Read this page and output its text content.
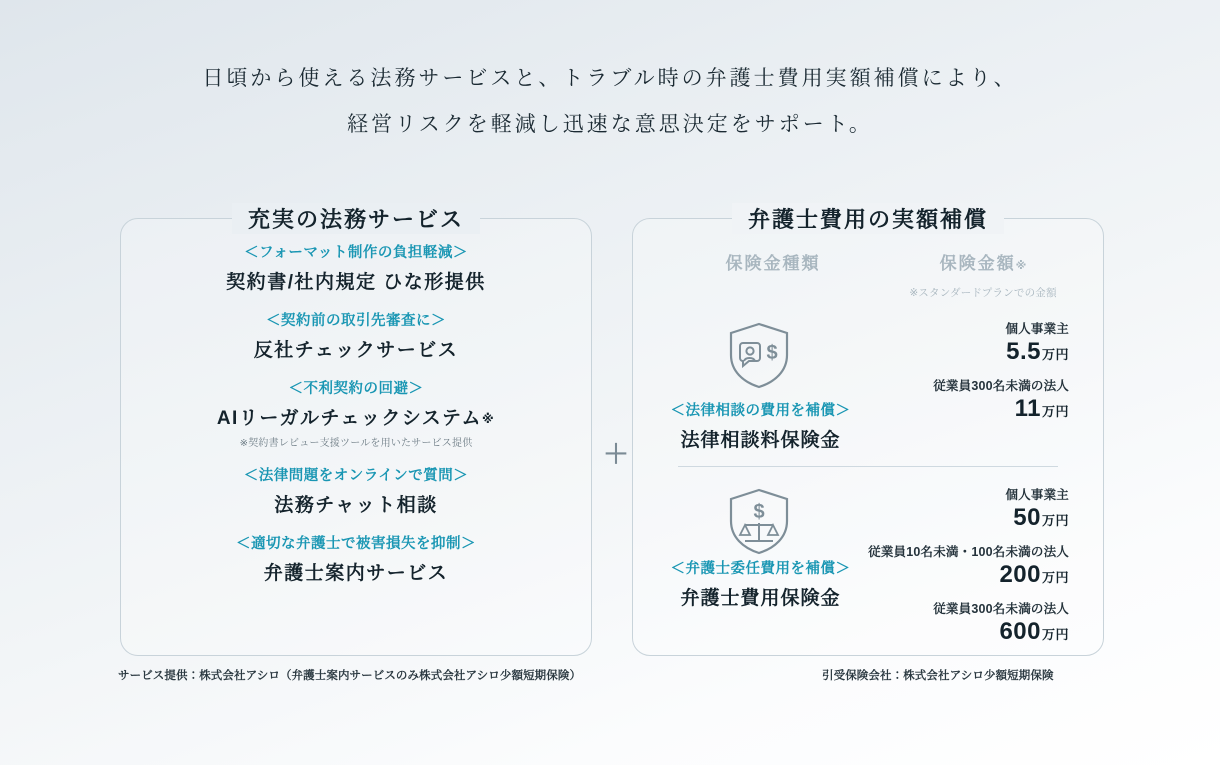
日頃から使える法務サービスと、トラブル時の弁護士費用実額補償により、
経営リスクを軽減し迅速な意思決定をサポート。
充実の法務サービス
＜フォーマット制作の負担軽減＞
契約書/社内規定 ひな形提供
＜契約前の取引先審査に＞
反社チェックサービス
＜不利契約の回避＞
AIリーガルチェックシステム※
※契約書レビュー支援ツールを用いたサービス提供
＜法律問題をオンラインで質問＞
法務チャット相談
＜適切な弁護士で被害損失を抑制＞
弁護士案内サービス
＋
弁護士費用の実額補償
保険金種類	保険金額※
※スタンダードプランでの金額
$
＜法律相談の費用を補償＞
法律相談料保険金
個人事業主
5.5万円
従業員300名未満の法人
11万円
$
＜弁護士委任費用を補償＞
弁護士費用保険金
個人事業主
50万円
従業員10名未満・100名未満の法人
200万円
従業員300名未満の法人
600万円
サービス提供：株式会社アシロ（弁護士案内サービスのみ株式会社アシロ少額短期保険）	引受保険会社：株式会社アシロ少額短期保険
